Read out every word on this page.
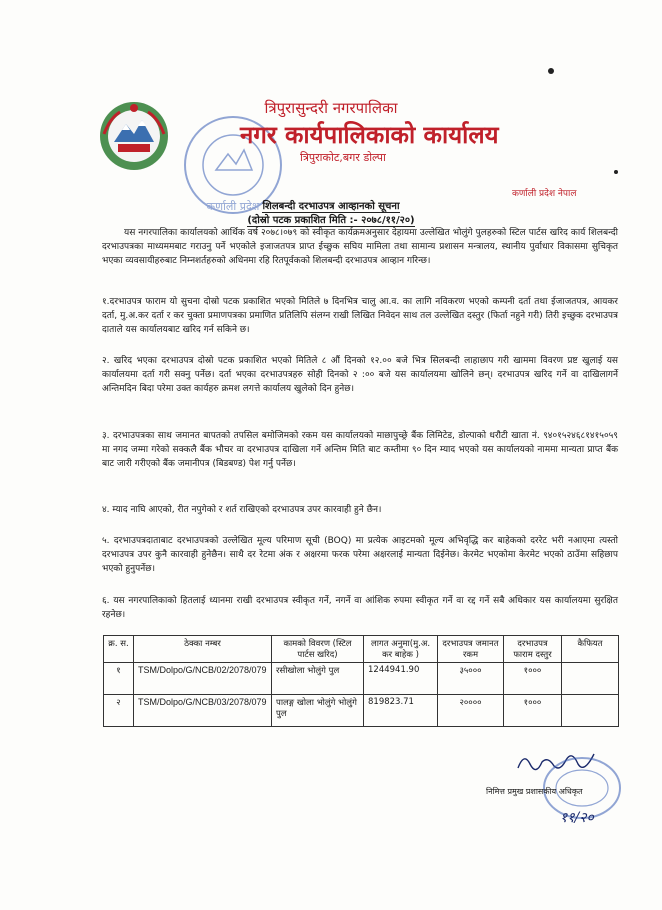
कर्णाली प्रदेश
त्रिपुरासुन्दरी नगरपालिका
नगर कार्यपालिकाको कार्यालय
त्रिपुराकोट,बगर डोल्पा
कर्णाली प्रदेश नेपाल
शिलबन्दी दरभाउपत्र आव्हानको सूचना
(दोस्रो पटक प्रकाशित मिति :- २०७८/११/२०)
यस नगरपालिका कार्यालयको आर्थिक वर्ष २०७८।०७९ को स्वीकृत कार्यक्रमअनुसार देहायमा उल्लेखित भोलुंगे पुलहरुको स्टिल पार्टस खरिद कार्य शिलबन्दी दरभाउपत्रका माध्यममबाट गराउनु पर्ने भएकोले इजाजतपत्र प्राप्त ईच्छुक सघिय मामिला तथा सामान्य प्रशासन मन्त्रालय, स्थानीय पुर्वाधार विकासमा सुचिकृत भएका व्यवसायीहरुबाट निम्नशर्तहरुको अधिनमा रहि रितपूर्वकको शिलबन्दी दरभाउपत्र आव्हान गरिन्छ।
१.दरभाउपत्र फाराम यो सुचना दोस्रो पटक प्रकाशित भएको मितिले ७ दिनभित्र चालु आ.व. का लागि नविकरण भएको कम्पनी दर्ता तथा ईजाजतपत्र, आयकर दर्ता, मु.अ.कर दर्ता र कर चुक्ता प्रमाणपत्रका प्रमाणित प्रतिलिपि संलग्न राखी लिखित निवेदन साथ तल उल्लेखित दस्तुर (फिर्ता नहुने गरी) तिरी इच्छुक दरभाउपत्र दाताले यस कार्यालयबाट खरिद गर्न सकिने छ।
२. खरिद भएका दरभाउपत्र दोस्रो पटक प्रकाशित भएको मितिले ८ औं दिनको १२.०० बजे भित्र सिलबन्दी लाहाछाप गरी खाममा विवरण प्रष्ट खुलाई यस कार्यालयमा दर्ता गरी सक्नु पर्नेछ। दर्ता भएका दरभाउपत्रहरु सोही दिनको २ :०० बजे यस कार्यालयमा खोलिने छन्। दरभाउपत्र खरिद गर्ने वा दाखिलागर्ने अन्तिमदिन बिदा परेमा उक्त कार्यहरु क्रमश लगत्ते कार्यालय खुलेको दिन हुनेछ।
३. दरभाउपत्रका साथ जमानत बापतको तपसिल बमोजिमको रकम यस कार्यालयको माछापुच्छ्रे बैंक लिमिटेड, डोल्पाको धरौटी खाता नं. ९४०१५२४६८१४१५०५९ मा नगद जम्मा गरेको सक्कलै बैंक भौचर वा दरभाउपत्र दाखिला गर्ने अन्तिम मिति बाट कम्तीमा ९० दिन म्याद भएको यस कार्यालयको नाममा मान्यता प्राप्त बैंक बाट जारी गरीएको बैंक जमानीपत्र (बिडबण्ड) पेश गर्नु पर्नेछ।
४. म्याद नाघि आएको, रीत नपुगेको र शर्त राखिएको दरभाउपत्र उपर कारवाही हुने छैन।
५. दरभाउपत्रदाताबाट दरभाउपत्रको उल्लेखित मूल्य परिमाण सूची (BOQ) मा प्रत्येक आइटमको मूल्य अभिवृद्धि कर बाहेकको दररेट भरी नआएमा त्यस्तो दरभाउपत्र उपर कुनै कारवाही हुनेछैन। साथै दर रेटमा अंक र अक्षरमा फरक परेमा अक्षरलाई मान्यता दिईनेछ। केरमेट भएकोमा केरमेट भएको ठाउँमा सहिछाप भएको हुनुपर्नेछ।
६. यस नगरपालिकाको हितलाई ध्यानमा राखी दरभाउपत्र स्वीकृत गर्ने, नगर्ने वा आंशिक रुपमा स्वीकृत गर्ने वा रद्द गर्ने सबै अधिकार यस कार्यालयमा सुरक्षित रहनेछ।
क्र. स.	ठेक्का नम्बर	कामको विवरण (स्टिल पार्टस खरिद)	लागत अनुमा(मु.अ. कर बाहेक )	दरभाउपत्र जमानत रकम	दरभाउपत्र फाराम दस्तुर	कैफियत
१	TSM/Dolpo/G/NCB/02/2078/079	रसीखोला भोलुंगे पुल	1244941.90	३५०००	१०००	
२	TSM/Dolpo/G/NCB/03/2078/079	पालङ्ग खोला भोलुंगे भोलुंगे पुल	819823.71	२००००	१०००	
निमित्त प्रमुख प्रशासकीय अधिकृत
११/२०
